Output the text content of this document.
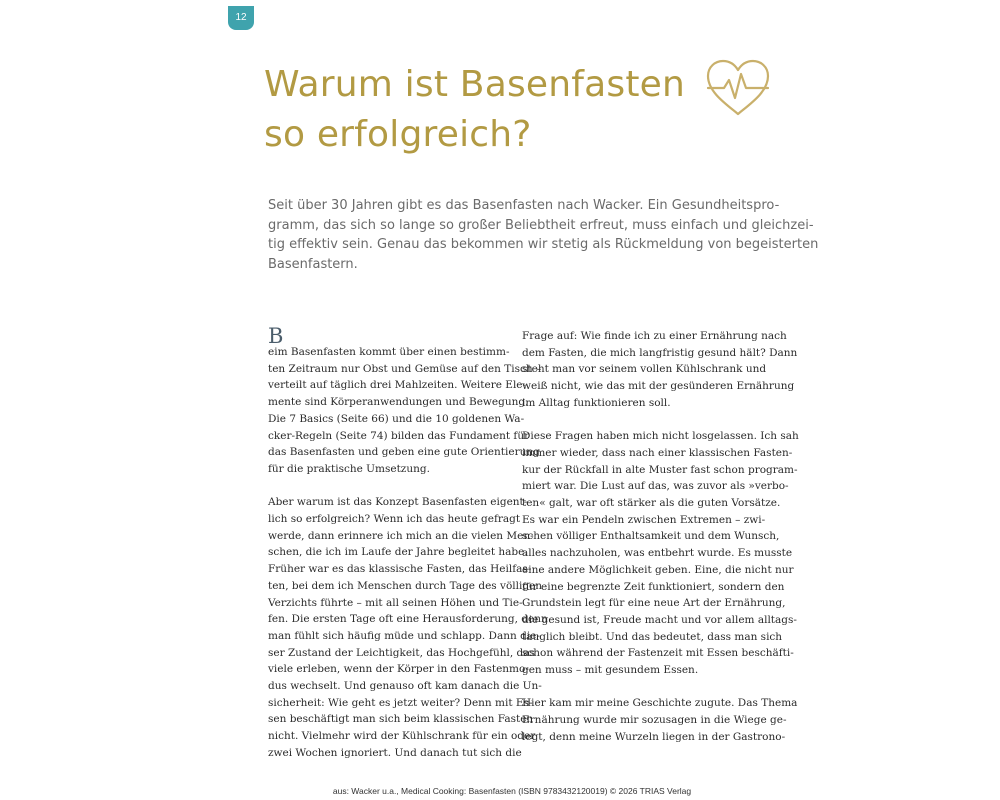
12
Warum ist Basenfasten
so erfolgreich?

Seit über 30 Jahren gibt es das Basenfasten nach Wacker. Ein Gesundheitspro-
gramm, das sich so lange so großer Beliebtheit erfreut, muss einfach und gleichzei-
tig effektiv sein. Genau das bekommen wir stetig als Rückmeldung von begeisterten
Basenfastern.

B
eim Basenfasten kommt über einen bestimm-
ten Zeitraum nur Obst und Gemüse auf den Tisch –
verteilt auf täglich drei Mahlzeiten. Weitere Ele-
mente sind Körperanwendungen und Bewegung.
Die 7 Basics (Seite 66) und die 10 goldenen Wa-
cker-Regeln (Seite 74) bilden das Fundament für
das Basenfasten und geben eine gute Orientierung
für die praktische Umsetzung.

Aber warum ist das Konzept Basenfasten eigent-
lich so erfolgreich? Wenn ich das heute gefragt
werde, dann erinnere ich mich an die vielen Men-
schen, die ich im Laufe der Jahre begleitet habe.
Früher war es das klassische Fasten, das Heilfas-
ten, bei dem ich Menschen durch Tage des völligen
Verzichts führte – mit all seinen Höhen und Tie-
fen. Die ersten Tage oft eine Herausforderung, denn
man fühlt sich häufig müde und schlapp. Dann die-
ser Zustand der Leichtigkeit, das Hochgefühl, das
viele erleben, wenn der Körper in den Fastenmo-
dus wechselt. Und genauso oft kam danach die Un-
sicherheit: Wie geht es jetzt weiter? Denn mit Es-
sen beschäftigt man sich beim klassischen Fasten
nicht. Vielmehr wird der Kühlschrank für ein oder
zwei Wochen ignoriert. Und danach tut sich die

Frage auf: Wie finde ich zu einer Ernährung nach
dem Fasten, die mich langfristig gesund hält? Dann
steht man vor seinem vollen Kühlschrank und
weiß nicht, wie das mit der gesünderen Ernährung
im Alltag funktionieren soll.

Diese Fragen haben mich nicht losgelassen. Ich sah
immer wieder, dass nach einer klassischen Fasten-
kur der Rückfall in alte Muster fast schon program-
miert war. Die Lust auf das, was zuvor als »verbo-
ten« galt, war oft stärker als die guten Vorsätze.
Es war ein Pendeln zwischen Extremen – zwi-
schen völliger Enthaltsamkeit und dem Wunsch,
alles nachzuholen, was entbehrt wurde. Es musste
eine andere Möglichkeit geben. Eine, die nicht nur
für eine begrenzte Zeit funktioniert, sondern den
Grundstein legt für eine neue Art der Ernährung,
die gesund ist, Freude macht und vor allem alltags-
tauglich bleibt. Und das bedeutet, dass man sich
schon während der Fastenzeit mit Essen beschäfti-
gen muss – mit gesundem Essen.

Hier kam mir meine Geschichte zugute. Das Thema
Ernährung wurde mir sozusagen in die Wiege ge-
legt, denn meine Wurzeln liegen in der Gastrono-

aus: Wacker u.a., Medical Cooking: Basenfasten (ISBN 9783432120019) © 2026 TRIAS Verlag
